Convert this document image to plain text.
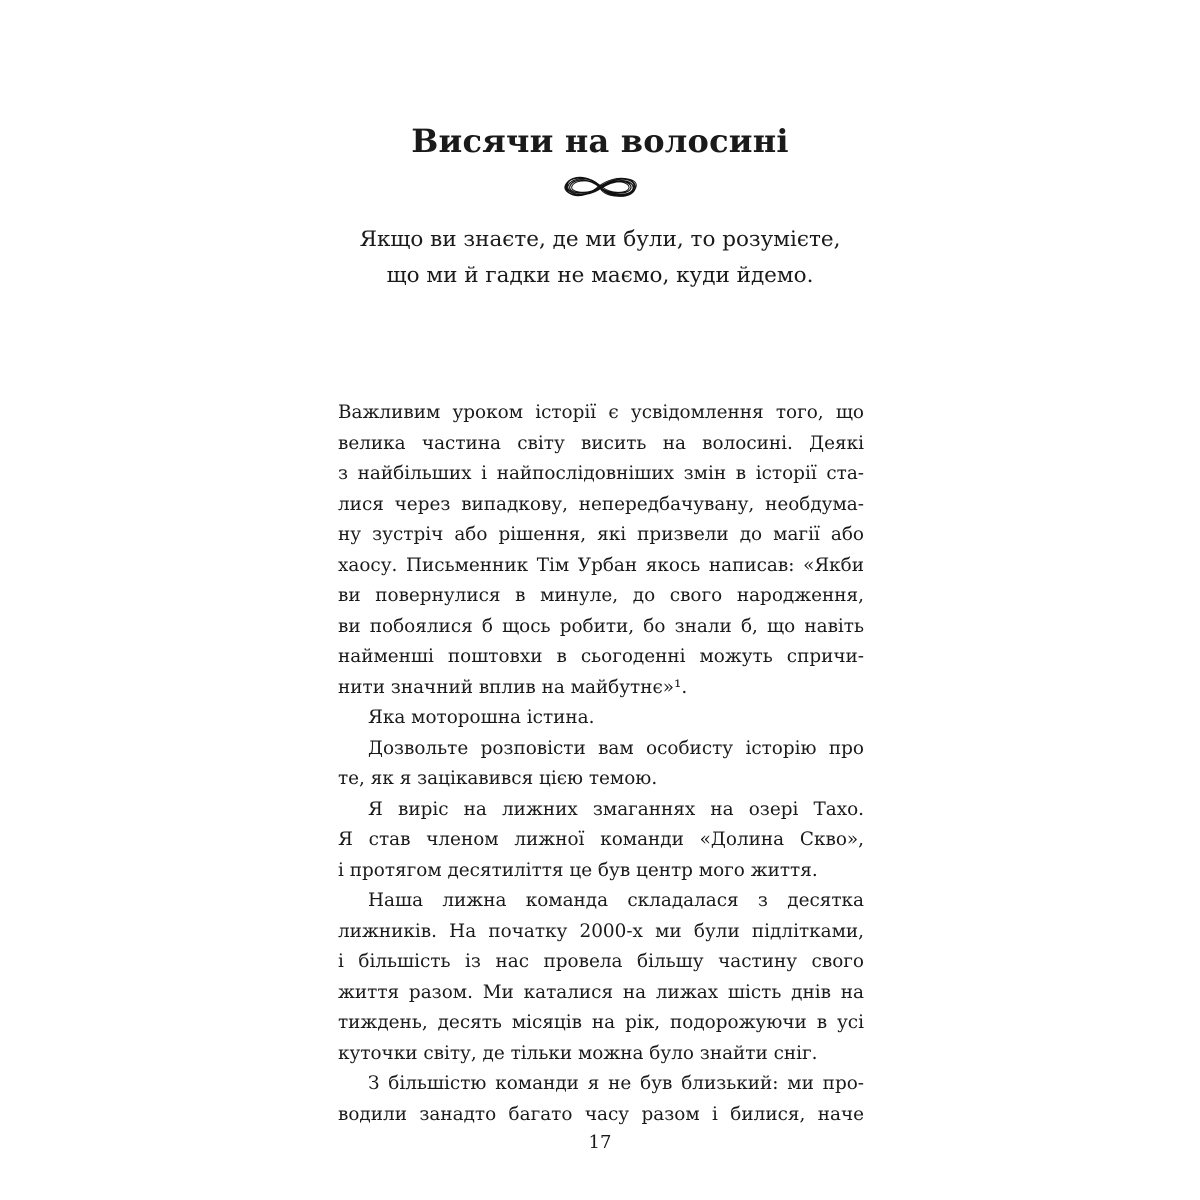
Висячи на волосині
Якщо ви знаєте, де ми були, то розумієте,
що ми й гадки не маємо, куди йдемо.
Важливим уроком історії є усвідомлення того, що
велика частина світу висить на волосині. Деякі
з найбільших і найпослідовніших змін в історії ста-
лися через випадкову, непередбачувану, необдума-
ну зустріч або рішення, які призвели до магії або
хаосу. Письменник Тім Урбан якось написав: «Якби
ви повернулися в минуле, до свого народження,
ви побоялися б щось робити, бо знали б, що навіть
найменші поштовхи в сьогоденні можуть спричи-
нити значний вплив на майбутнє»¹.
Яка моторошна істина.
Дозвольте розповісти вам особисту історію про
те, як я зацікавився цією темою.
Я виріс на лижних змаганнях на озері Тахо.
Я став членом лижної команди «Долина Скво»,
і протягом десятиліття це був центр мого життя.
Наша лижна команда складалася з десятка
лижників. На початку 2000-х ми були підлітками,
і більшість із нас провела більшу частину свого
життя разом. Ми каталися на лижах шість днів на
тиждень, десять місяців на рік, подорожуючи в усі
куточки світу, де тільки можна було знайти сніг.
З більшістю команди я не був близький: ми про-
водили занадто багато часу разом і билися, наче
17
